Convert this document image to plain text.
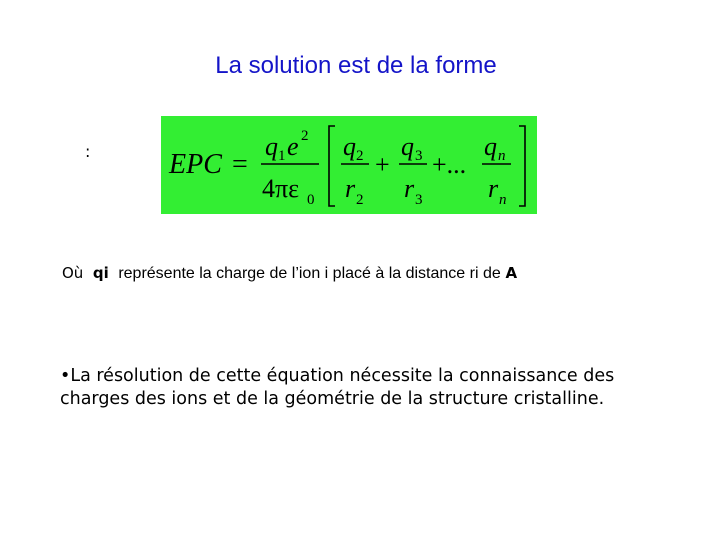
La solution est de la forme
:	EPC =
q 1 e 2
4πε 0
q 2
r 2
+
q 3
r 3
+...
q n
r n
Où qi représente la charge de l’ion i placé à la distance ri de A
•La résolution de cette équation nécessite la connaissance des charges des ions et de la géométrie de la structure cristalline.
